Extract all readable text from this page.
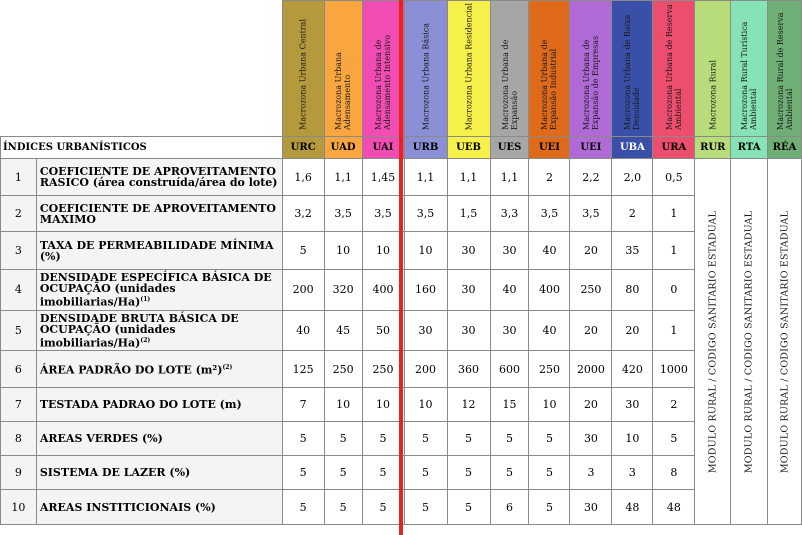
		Macrozona Urbana Central	Macrozona Urbana Adensamento	Macrozona Urbana de Adensamento Intensivo	Macrozona Urbana Básica	Macrozona Urbana Residencial	Macrozona Urbana de Expansão	Macrozona Urbana de Expansão Industrial	Macrozona Urbana de Expansão de Empresas	Macrozona Urbana de Baixa Densidade	Macrozona Urbana de Reserva Ambiental	Macrozona Rural	Macrozona Rural Turística Ambiental	Macrozona Rural de Reserva Ambiental

ÍNDICES URBANÍSTICOS		URC	UAD	UAI	URB	UEB	UES	UEI	UEI	UBA	URA	RUR	RTA	RÉA
1	COEFICIENTE DE APROVEITAMENTO RASICO (área construída/área do lote)	1,6	1,1	1,45	1,1	1,1	1,1	2	2,2	2,0	0,5	MODULO RURAL / CODIGO SANITARIO ESTADUAL	MODULO RURAL / CODIGO SANITARIO ESTADUAL	MODULO RURAL / CODIGO SANITARIO ESTADUAL

2	COEFICIENTE DE APROVEITAMENTO MAXIMO	3,2	3,5	3,5	3,5	1,5	3,3	3,5	3,5	2	1			
3	TAXA DE PERMEABILIDADE MÍNIMA (%)	5	10	10	10	30	30	40	20	35	1			
4	DENSIDADE ESPECÍFICA BÁSICA DE OCUPAÇÃO (unidades imobiliarias/Ha)$^{(1)}$	200	320	400	160	30	40	400	250	80	0			
5	DENSIDADE BRUTA BÁSICA DE OCUPAÇÃO (unidades imobiliarias/Ha)$^{(2)}$	40	45	50	30	30	30	40	20	20	1			
6	ÁREA PADRÃO DO LOTE $(m^2)^{(2)}$	125	250	250	200	360	600	250	2000	420	1000			
7	TESTADA PADRAO DO LOTE (m)	7	10	10	10	12	15	10	20	30	2			
8	AREAS VERDES (%)	5	5	5	5	5	5	5	30	10	5			
9	SISTEMA DE LAZER (%)	5	5	5	5	5	5	5	3	3	8			
10	AREAS INSTITICIONAIS (%)	5	5	5	5	5	6	5	30	48	48			
